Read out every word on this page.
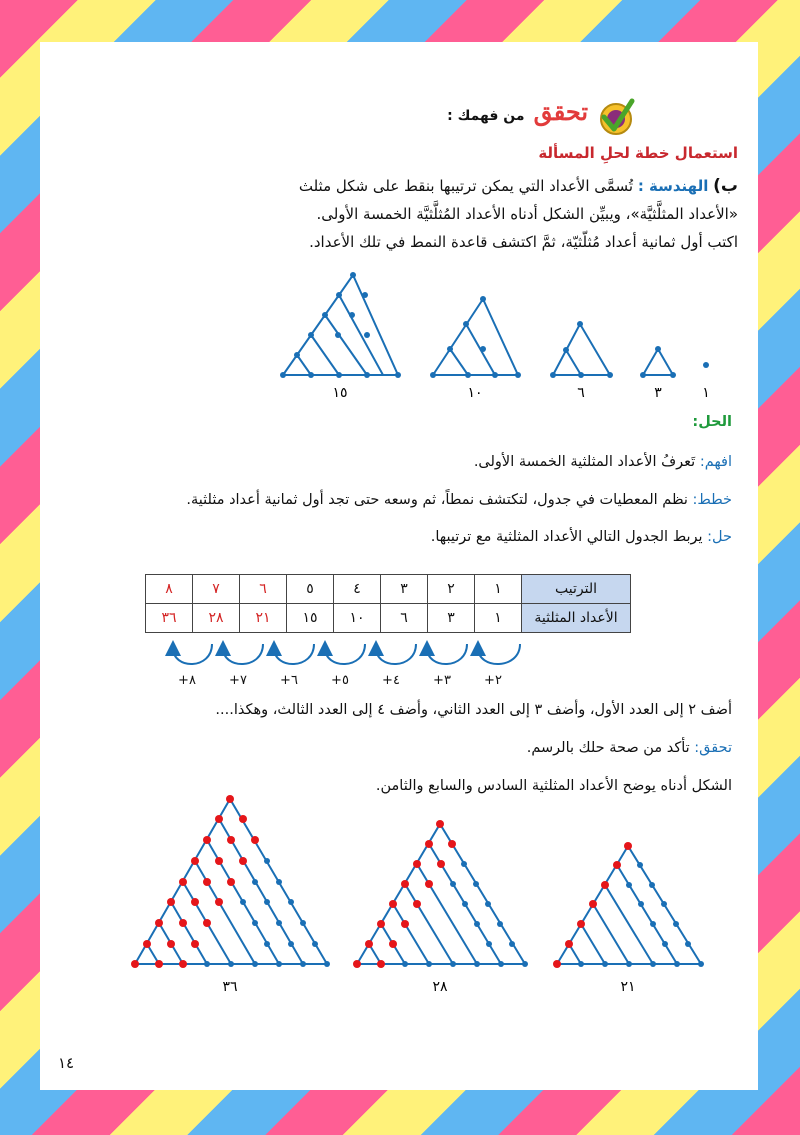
تحقق من فهمك :
استعمال خطة لحلِ المسألة
ب) الهندسة : تُسمَّى الأعداد التي يمكن ترتيبها بنقط على شكل مثلث
«الأعداد المثلَّثيَّة»، ويبيِّن الشكل أدناه الأعداد المُثلَّثيَّة الخمسة الأولى.
اكتب أول ثمانية أعداد مُثلّثيّة، ثمَّ اكتشف قاعدة النمط في تلك الأعداد.
١٥	١٠	٦	٣	١
الحل:
افهم: تَعرفُ الأعداد المثلثية الخمسة الأولى.
خطط: نظم المعطيات في جدول، لتكتشف نمطاً، ثم وسعه حتى تجد أول ثمانية أعداد مثلثية.
حل: يربط الجدول التالي الأعداد المثلثية مع ترتيبها.
الترتيب	١	٢	٣	٤	٥	٦	٧	٨
الأعداد المثلثية	١	٣	٦	١٠	١٥	٢١	٢٨	٣٦
+٢
+٣
+٤
+٥
+٦
+٧
+٨
أضف ٢ إلى العدد الأول، وأضف ٣ إلى العدد الثاني، وأضف ٤ إلى العدد الثالث، وهكذا....
تحقق: تأكد من صحة حلك بالرسم.
الشكل أدناه يوضح الأعداد المثلثية السادس والسابع والثامن.
٣٦	٢٨	٢١
١٤
